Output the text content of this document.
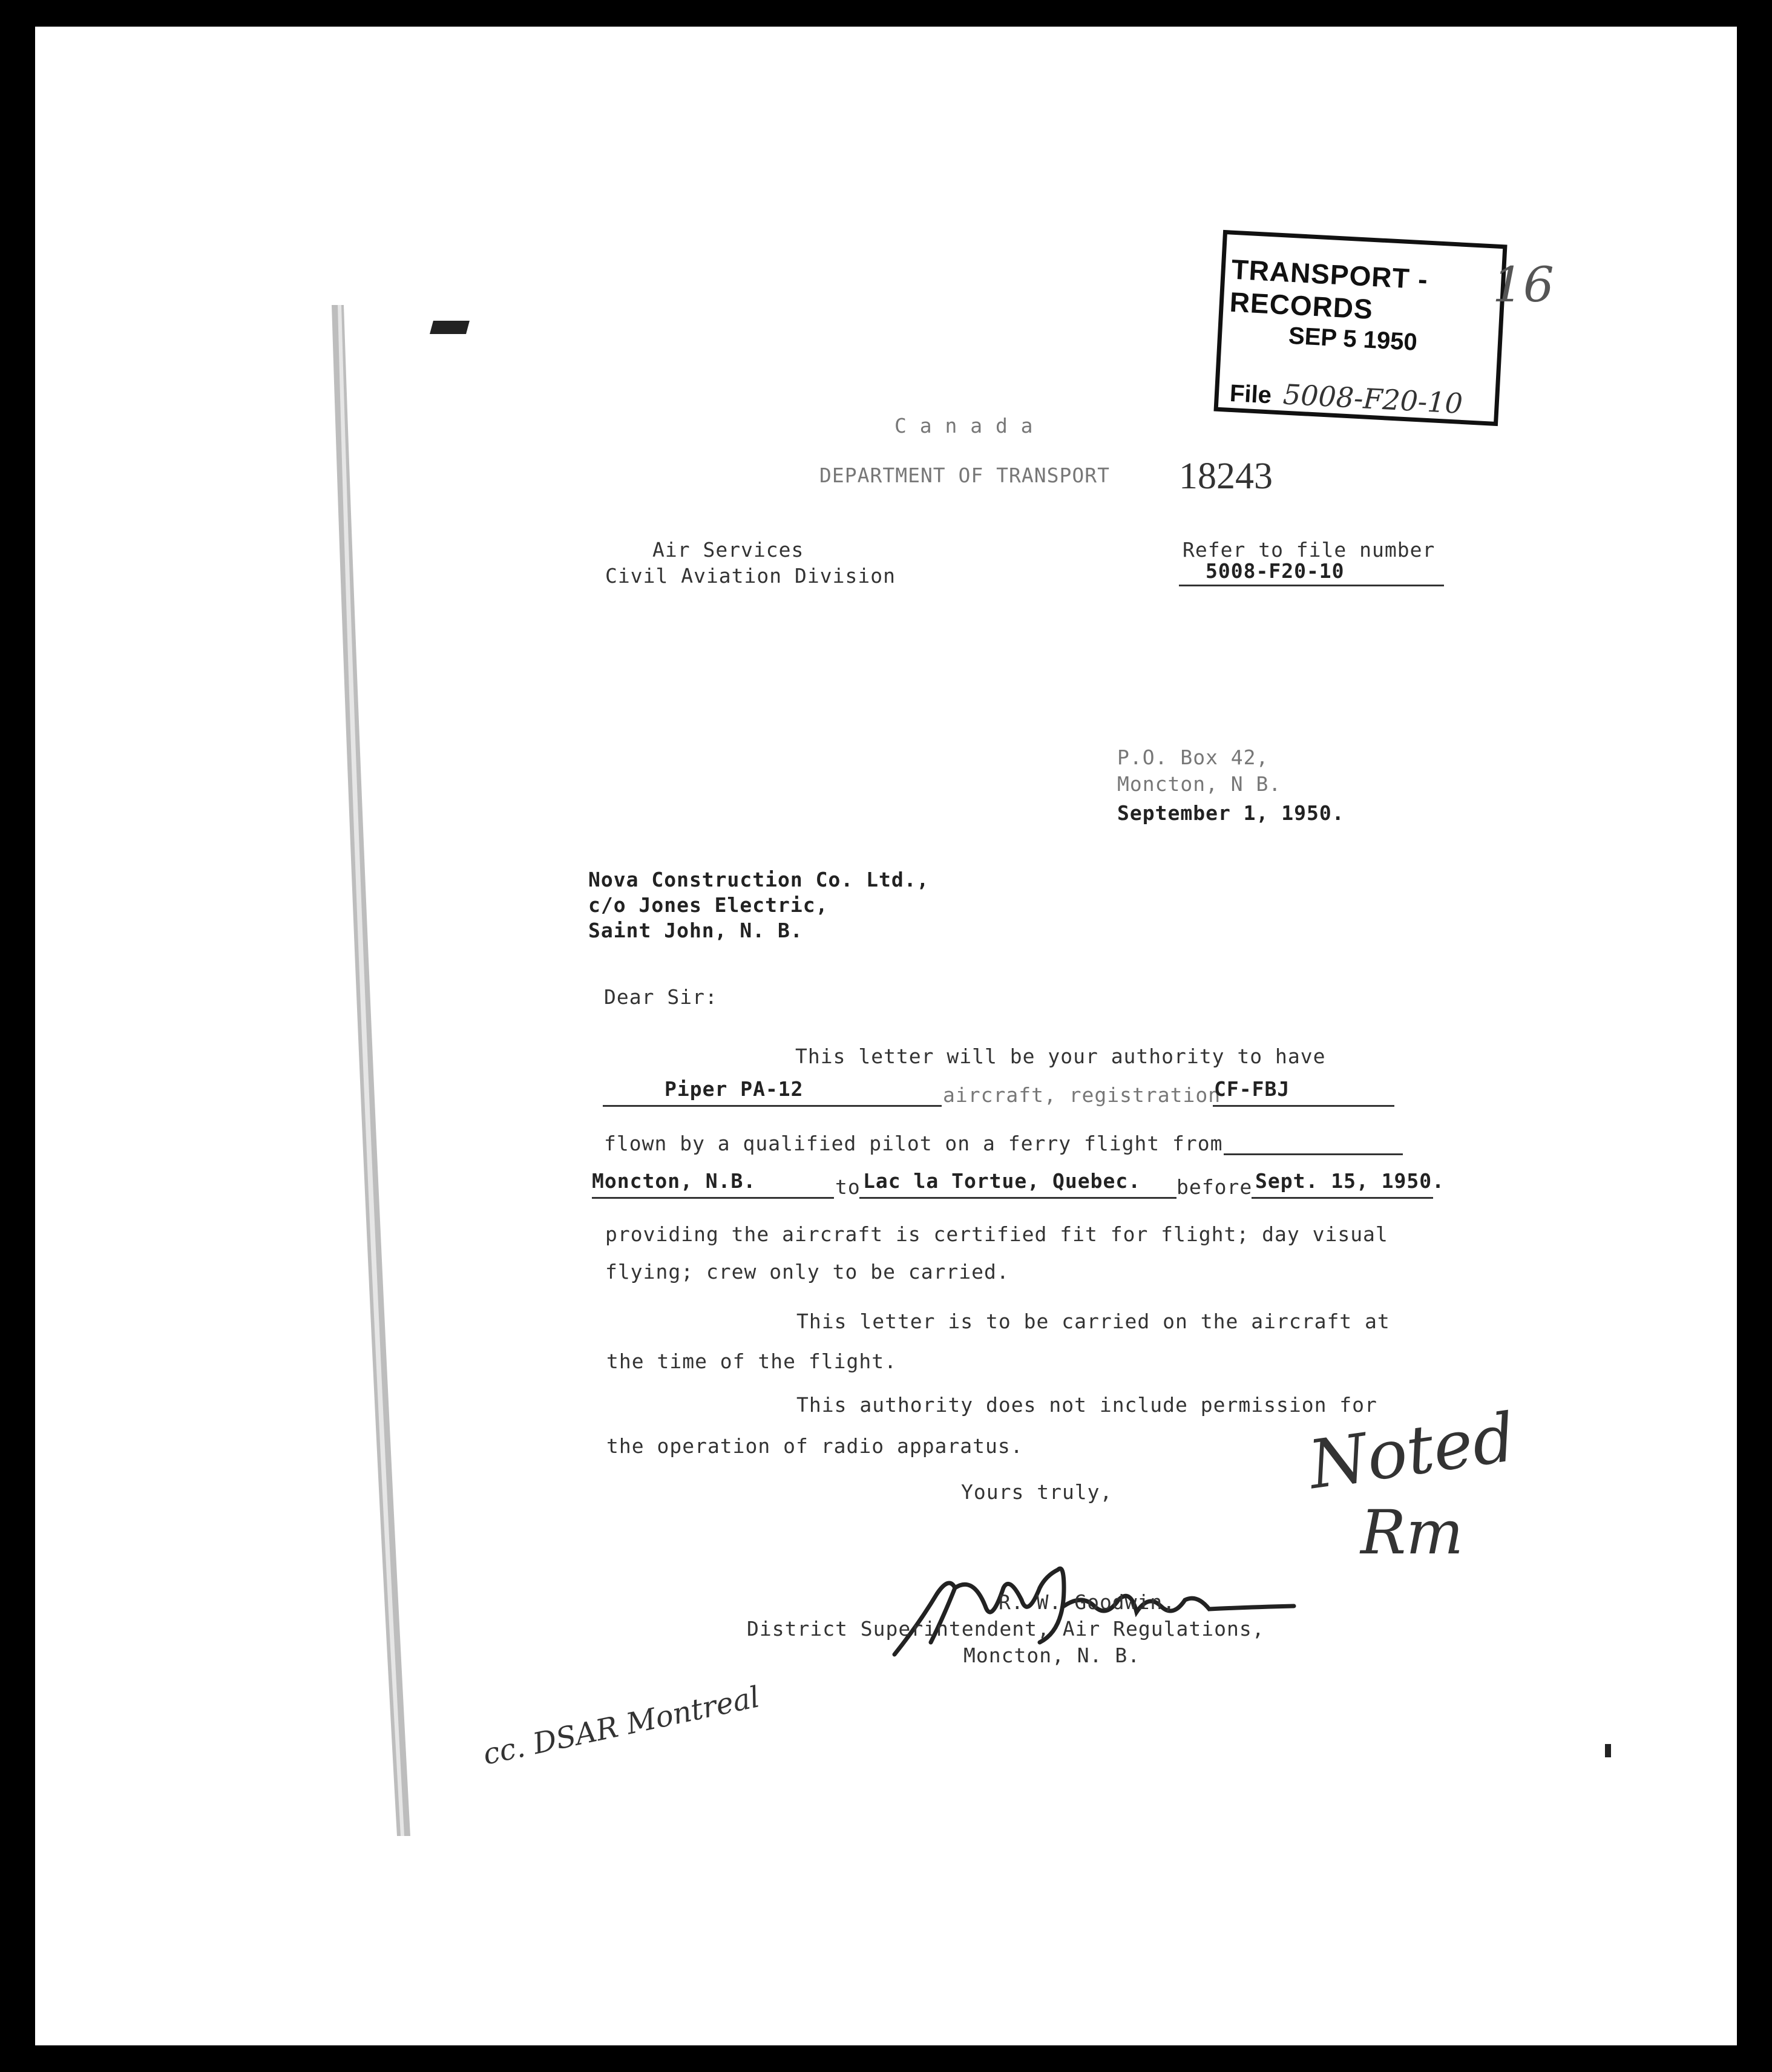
TRANSPORT - RECORDS
SEP 5 1950
File 5008-F20-10
16
C a n a d a
DEPARTMENT OF TRANSPORT 18243
Air Services
Civil Aviation Division
Refer to file number
5008-F20-10
P.O. Box 42,
Moncton, N B.
September 1, 1950.
Nova Construction Co. Ltd.,
c/o Jones Electric,
Saint John, N. B.
Dear Sir:
This letter will be your authority to have
Piper PA-12	aircraft, registration
CF-FBJ
flown by a qualified pilot on a ferry flight from
Moncton, N.B.	to Lac la Tortue, Quebec.	before Sept. 15, 1950.
providing the aircraft is certified fit for flight; day visual
flying; crew only to be carried.
This letter is to be carried on the aircraft at
the time of the flight.
This authority does not include permission for
the operation of radio apparatus.
Yours truly,
R. W. Goodwin,
District Superintendent, Air Regulations,
Moncton, N. B.
Noted
Rm
cc. DSAR Montreal
